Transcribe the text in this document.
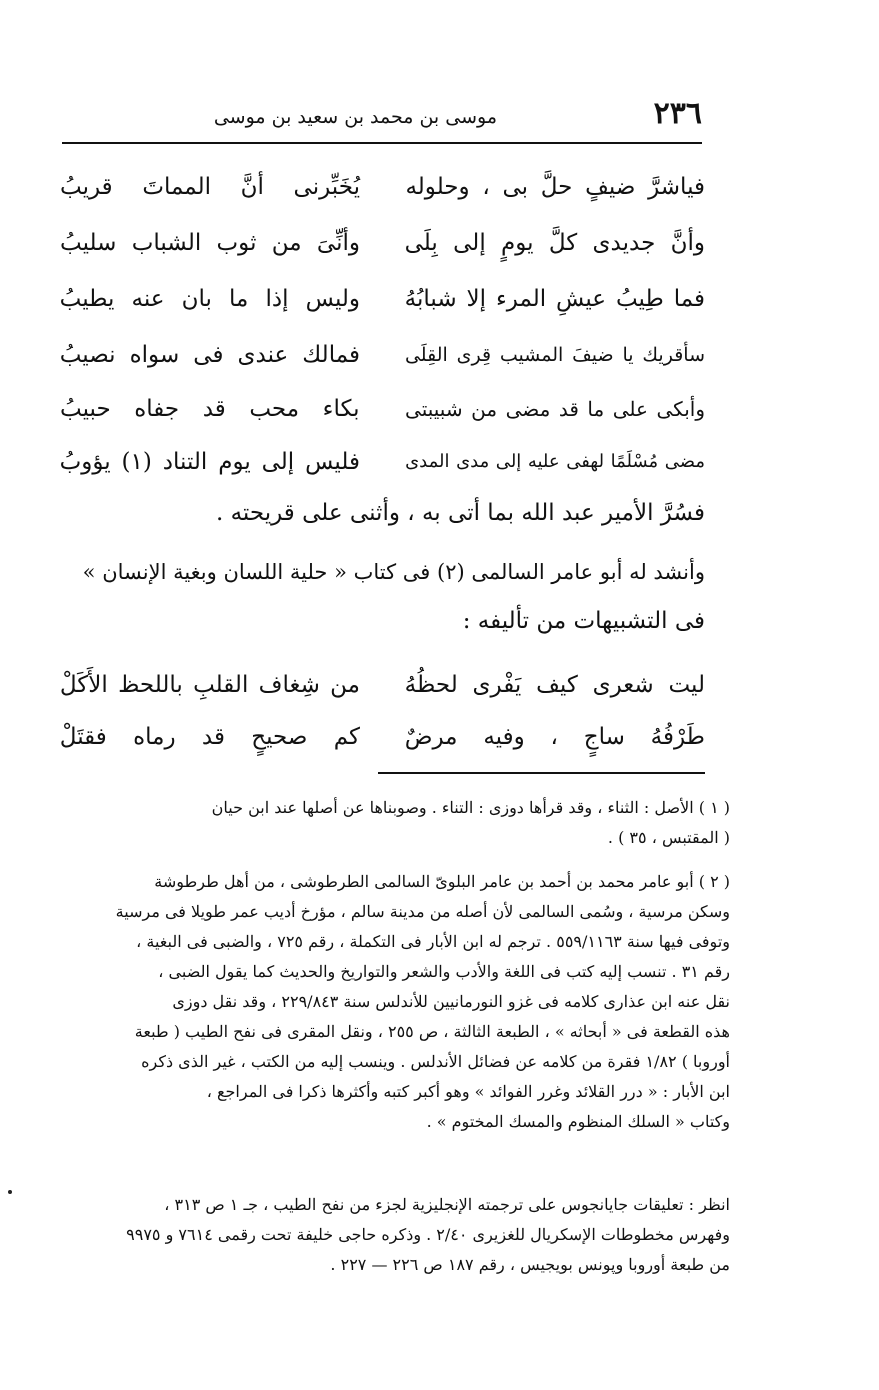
٢٣٦
موسى بن محمد بن سعيد بن موسى
فياشرَّ ضيفٍ حلَّ بى ، وحلوله
يُخَبِّرنى أنَّ المماتَ قريبُ
وأنَّ جديدى كلَّ يومٍ إلى بِلَى
وأنِّىَ من ثوب الشباب سليبُ
فما طِيبُ عيشِ المرء إلا شبابُهُ
وليس إذا ما بان عنه يطيبُ
سأقريك يا ضيفَ المشيب قِرى القِلَى
فمالك عندى فى سواه نصيبُ
وأبكى على ما قد مضى من شبيبتى
بكاء محب قد جفاه حبيبُ
مضى مُسْلَمًا لهفى عليه إلى مدى المدى
فليس إلى يوم التناد (١) يؤوبُ
فسُرَّ الأمير عبد الله بما أتى به ، وأثنى على قريحته .
وأنشد له أبو عامر السالمى (٢) فى كتاب « حلية اللسان وبغية الإنسان »
فى التشبيهات من تأليفه :
ليت شعرى كيف يَفْرى لحظُهُ
من شِغاف القلبِ باللحظ الأَكَلْ
طَرْفُهُ ساجٍ ، وفيه مرضٌ
كم صحيحٍ قد رماه فقتَلْ
( ١ ) الأصل : الثناء ، وقد قرأها دوزى : التناء . وصوبناها عن أصلها عند ابن حيان
( المقتبس ، ٣٥ ) .
( ٢ ) أبو عامر محمد بن أحمد بن عامر البلوىّ السالمى الطرطوشى ، من أهل طرطوشة
وسكن مرسية ، وسُمى السالمى لأن أصله من مدينة سالم ، مؤرخ أديب عمر طويلا فى مرسية
وتوفى فيها سنة ٥٥٩/١١٦٣ . ترجم له ابن الأبار فى التكملة ، رقم ٧٢٥ ، والضبى فى البغية ،
رقم ٣١ . تنسب إليه كتب فى اللغة والأدب والشعر والتواريخ والحديث كما يقول الضبى ،
نقل عنه ابن عذارى كلامه فى غزو النورمانيين للأندلس سنة ٢٢٩/٨٤٣ ، وقد نقل دوزى
هذه القطعة فى « أبحاثه » ، الطبعة الثالثة ، ص ٢٥٥ ، ونقل المقرى فى نفح الطيب ( طبعة
أوروبا ) ١/٨٢ فقرة من كلامه عن فضائل الأندلس . وينسب إليه من الكتب ، غير الذى ذكره
ابن الأبار : « درر القلائد وغرر الفوائد » وهو أكبر كتبه وأكثرها ذكرا فى المراجع ،
وكتاب « السلك المنظوم والمسك المختوم » .
انظر : تعليقات جايانجوس على ترجمته الإنجليزية لجزء من نفح الطيب ، جـ ١ ص ٣١٣ ،
وفهرس مخطوطات الإسكريال للغزيرى ٢/٤٠ . وذكره حاجى خليفة تحت رقمى ٧٦١٤ و ٩٩٧٥
من طبعة أوروبا وپونس بويجيس ، رقم ١٨٧ ص ٢٢٦ — ٢٢٧ .
